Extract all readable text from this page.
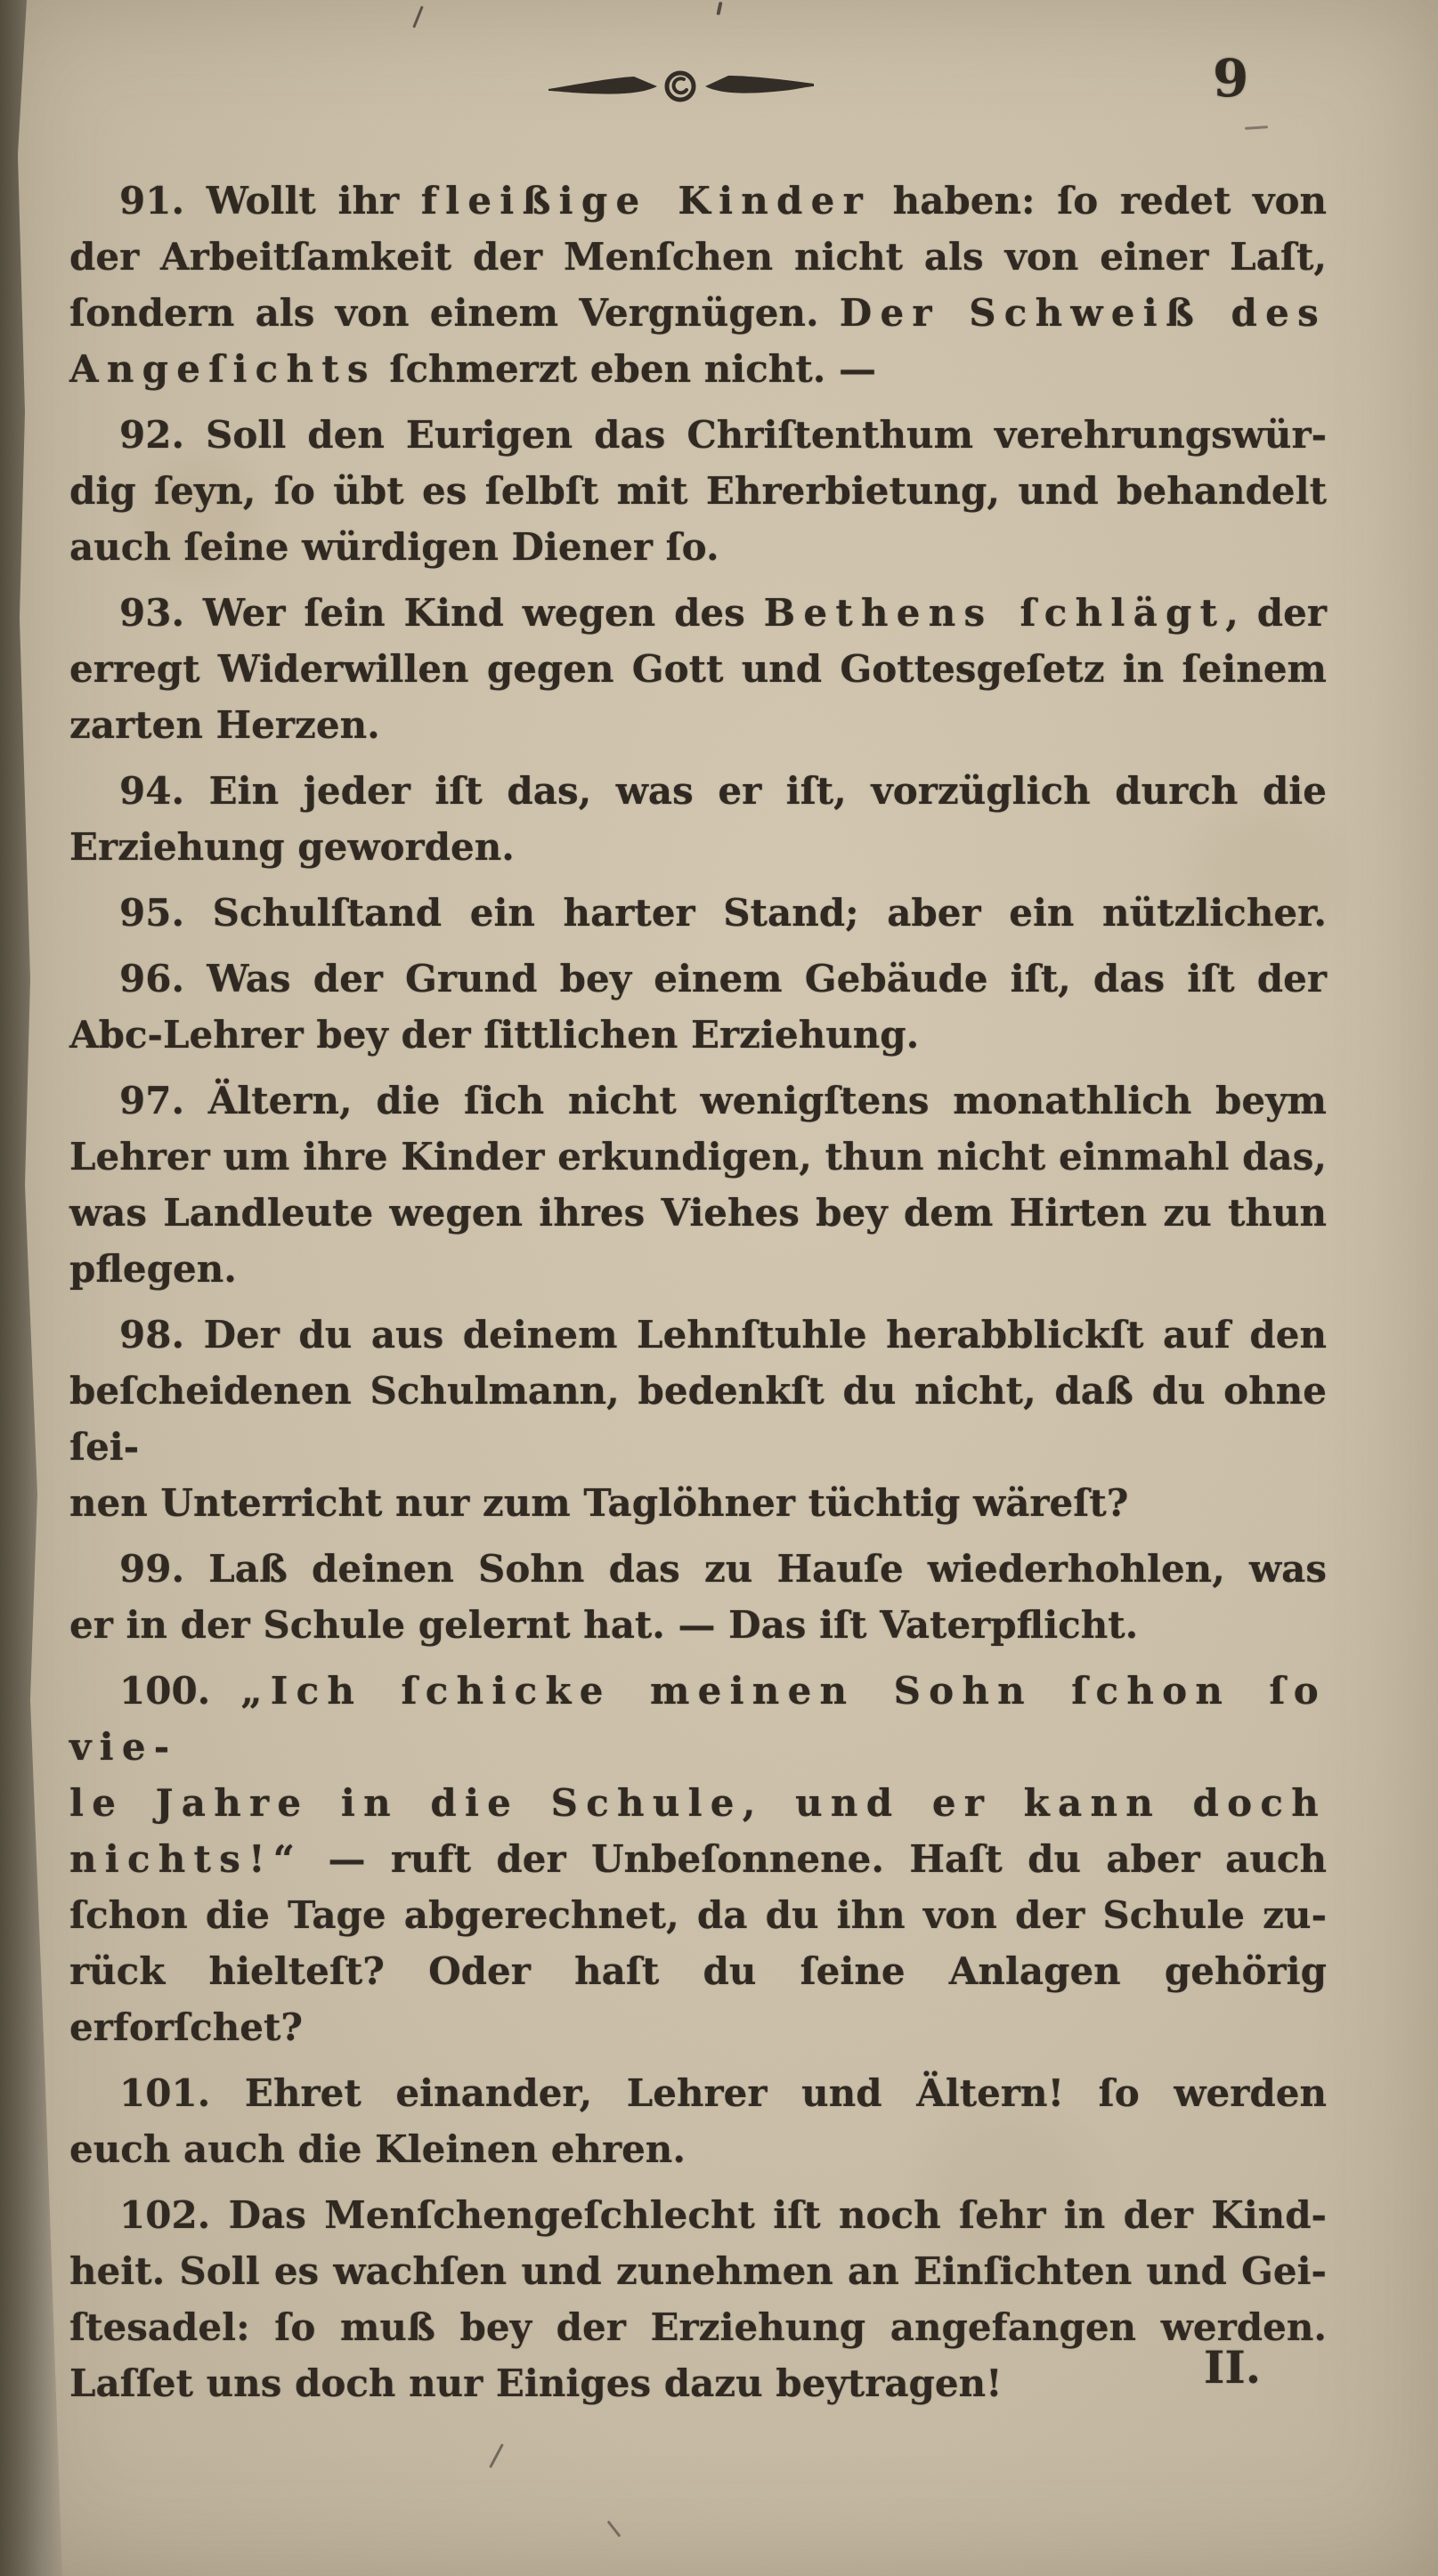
9
91. Wollt ihr fleißige Kinder haben: ſo redet von
der Arbeitſamkeit der Menſchen nicht als von einer Laſt,
ſondern als von einem Vergnügen. Der Schweiß des
Angeſichts ſchmerzt eben nicht. —
92. Soll den Eurigen das Chriſtenthum verehrungswür-
dig ſeyn, ſo übt es ſelbſt mit Ehrerbietung, und behandelt
auch ſeine würdigen Diener ſo.
93. Wer ſein Kind wegen des Bethens ſchlägt, der
erregt Widerwillen gegen Gott und Gottesgeſetz in ſeinem
zarten Herzen.
94. Ein jeder iſt das, was er iſt, vorzüglich durch die
Erziehung geworden.
95. Schulſtand ein harter Stand; aber ein nützlicher.
96. Was der Grund bey einem Gebäude iſt, das iſt der
Abc-Lehrer bey der ſittlichen Erziehung.
97. Ältern, die ſich nicht wenigſtens monathlich beym
Lehrer um ihre Kinder erkundigen, thun nicht einmahl das,
was Landleute wegen ihres Viehes bey dem Hirten zu thun
pflegen.
98. Der du aus deinem Lehnſtuhle herabblickſt auf den
beſcheidenen Schulmann, bedenkſt du nicht, daß du ohne ſei-
nen Unterricht nur zum Taglöhner tüchtig wäreſt?
99. Laß deinen Sohn das zu Hauſe wiederhohlen, was
er in der Schule gelernt hat. — Das iſt Vaterpflicht.
100. „Ich ſchicke meinen Sohn ſchon ſo vie-
le Jahre in die Schule, und er kann doch
nichts!“ — ruft der Unbeſonnene. Haſt du aber auch
ſchon die Tage abgerechnet, da du ihn von der Schule zu-
rück hielteſt? Oder haſt du ſeine Anlagen gehörig erforſchet?
101. Ehret einander, Lehrer und Ältern! ſo werden
euch auch die Kleinen ehren.
102. Das Menſchengeſchlecht iſt noch ſehr in der Kind-
heit. Soll es wachſen und zunehmen an Einſichten und Gei-
ſtesadel: ſo muß bey der Erziehung angefangen werden.
Laſſet uns doch nur Einiges dazu beytragen!	II.
